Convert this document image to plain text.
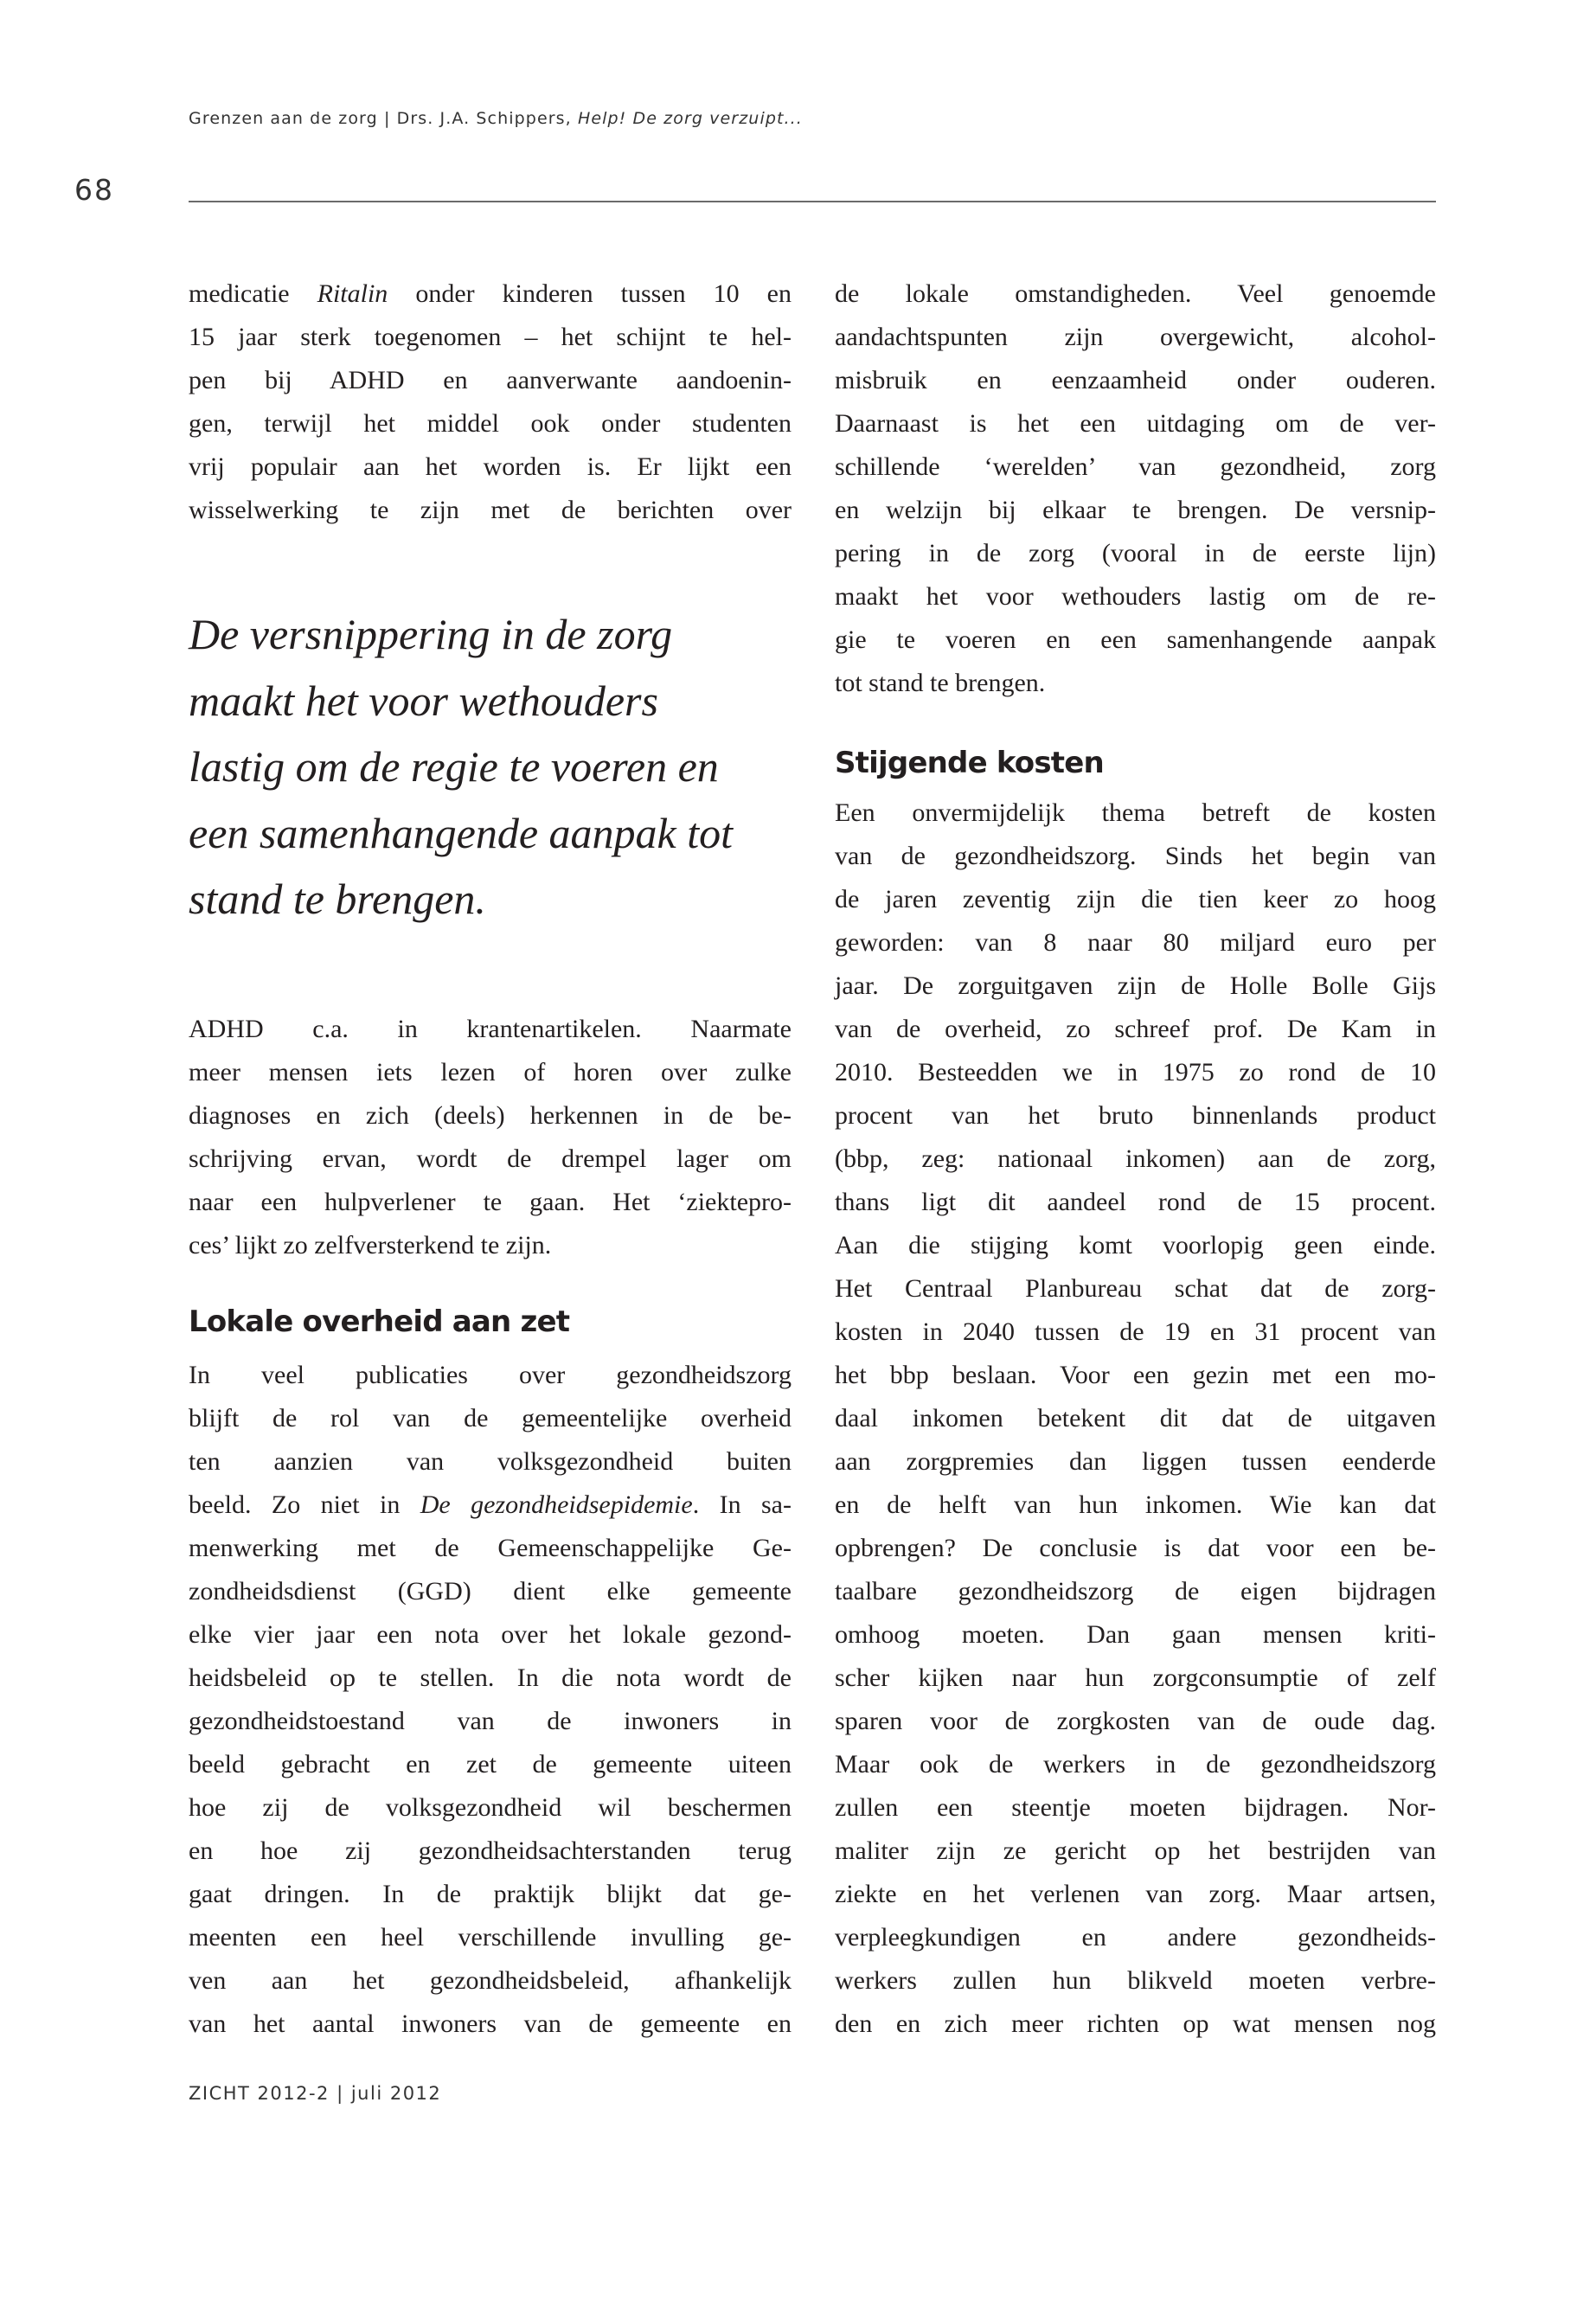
Grenzen aan de zorg | Drs. J.A. Schippers, Help! De zorg verzuipt...
68
medicatie Ritalin onder kinderen tussen 10 en
15 jaar sterk toegenomen – het schijnt te hel-
pen bij ADHD en aanverwante aandoenin-
gen, terwijl het middel ook onder studenten
vrij populair aan het worden is. Er lijkt een
wisselwerking te zijn met de berichten over
De versnippering in de zorg
maakt het voor wethouders
lastig om de regie te voeren en
een samenhangende aanpak tot
stand te brengen.
ADHD c.a. in krantenartikelen. Naarmate
meer mensen iets lezen of horen over zulke
diagnoses en zich (deels) herkennen in de be-
schrijving ervan, wordt de drempel lager om
naar een hulpverlener te gaan. Het ‘ziektepro-
ces’ lijkt zo zelfversterkend te zijn.
Lokale overheid aan zet
In veel publicaties over gezondheidszorg
blijft de rol van de gemeentelijke overheid
ten aanzien van volksgezondheid buiten
beeld. Zo niet in De gezondheidsepidemie. In sa-
menwerking met de Gemeenschappelijke Ge-
zondheidsdienst (GGD) dient elke gemeente
elke vier jaar een nota over het lokale gezond-
heidsbeleid op te stellen. In die nota wordt de
gezondheidstoestand van de inwoners in
beeld gebracht en zet de gemeente uiteen
hoe zij de volksgezondheid wil beschermen
en hoe zij gezondheidsachterstanden terug
gaat dringen. In de praktijk blijkt dat ge-
meenten een heel verschillende invulling ge-
ven aan het gezondheidsbeleid, afhankelijk
van het aantal inwoners van de gemeente en
de lokale omstandigheden. Veel genoemde
aandachtspunten zijn overgewicht, alcohol-
misbruik en eenzaamheid onder ouderen.
Daarnaast is het een uitdaging om de ver-
schillende ‘werelden’ van gezondheid, zorg
en welzijn bij elkaar te brengen. De versnip-
pering in de zorg (vooral in de eerste lijn)
maakt het voor wethouders lastig om de re-
gie te voeren en een samenhangende aanpak
tot stand te brengen.
Stijgende kosten
Een onvermijdelijk thema betreft de kosten
van de gezondheidszorg. Sinds het begin van
de jaren zeventig zijn die tien keer zo hoog
geworden: van 8 naar 80 miljard euro per
jaar. De zorguitgaven zijn de Holle Bolle Gijs
van de overheid, zo schreef prof. De Kam in
2010. Besteedden we in 1975 zo rond de 10
procent van het bruto binnenlands product
(bbp, zeg: nationaal inkomen) aan de zorg,
thans ligt dit aandeel rond de 15 procent.
Aan die stijging komt voorlopig geen einde.
Het Centraal Planbureau schat dat de zorg-
kosten in 2040 tussen de 19 en 31 procent van
het bbp beslaan. Voor een gezin met een mo-
daal inkomen betekent dit dat de uitgaven
aan zorgpremies dan liggen tussen eenderde
en de helft van hun inkomen. Wie kan dat
opbrengen? De conclusie is dat voor een be-
taalbare gezondheidszorg de eigen bijdragen
omhoog moeten. Dan gaan mensen kriti-
scher kijken naar hun zorgconsumptie of zelf
sparen voor de zorgkosten van de oude dag.
Maar ook de werkers in de gezondheidszorg
zullen een steentje moeten bijdragen. Nor-
maliter zijn ze gericht op het bestrijden van
ziekte en het verlenen van zorg. Maar artsen,
verpleegkundigen en andere gezondheids-
werkers zullen hun blikveld moeten verbre-
den en zich meer richten op wat mensen nog
ZICHT 2012-2 | juli 2012
